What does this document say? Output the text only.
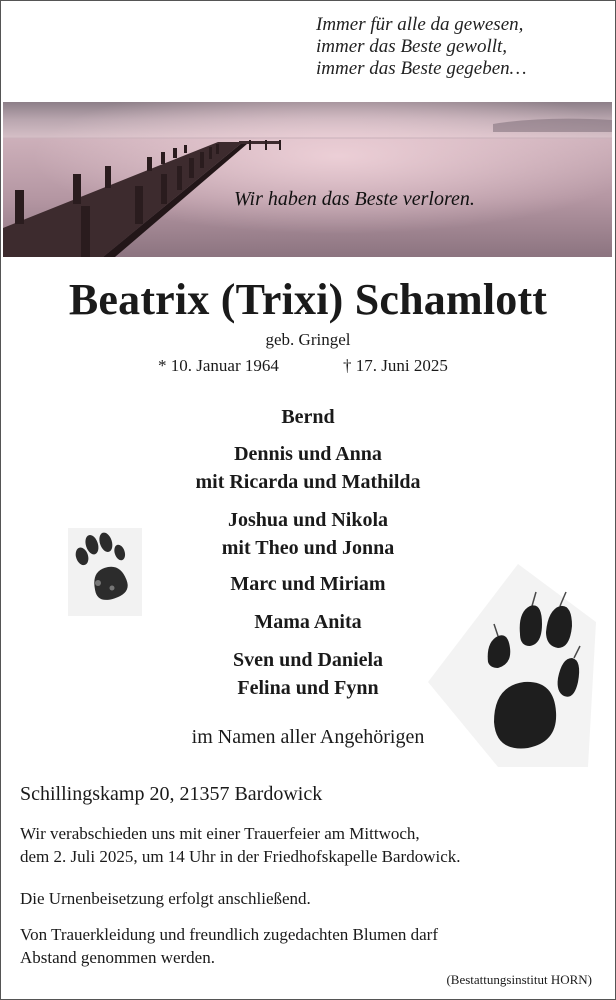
Immer für alle da gewesen,
immer das Beste gewollt,
immer das Beste gegeben…
Wir haben das Beste verloren.
Beatrix (Trixi) Schamlott
geb. Gringel
* 10. Januar 1964	† 17. Juni 2025
Bernd
Dennis und Anna
mit Ricarda und Mathilda
Joshua und Nikola
mit Theo und Jonna
Marc und Miriam
Mama Anita
Sven und Daniela
Felina und Fynn
im Namen aller Angehörigen
Schillingskamp 20, 21357 Bardowick
Wir verabschieden uns mit einer Trauerfeier am Mittwoch,
dem 2. Juli 2025, um 14 Uhr in der Friedhofskapelle Bardowick.
Die Urnenbeisetzung erfolgt anschließend.
Von Trauerkleidung und freundlich zugedachten Blumen darf
Abstand genommen werden.
(Bestattungsinstitut HORN)
